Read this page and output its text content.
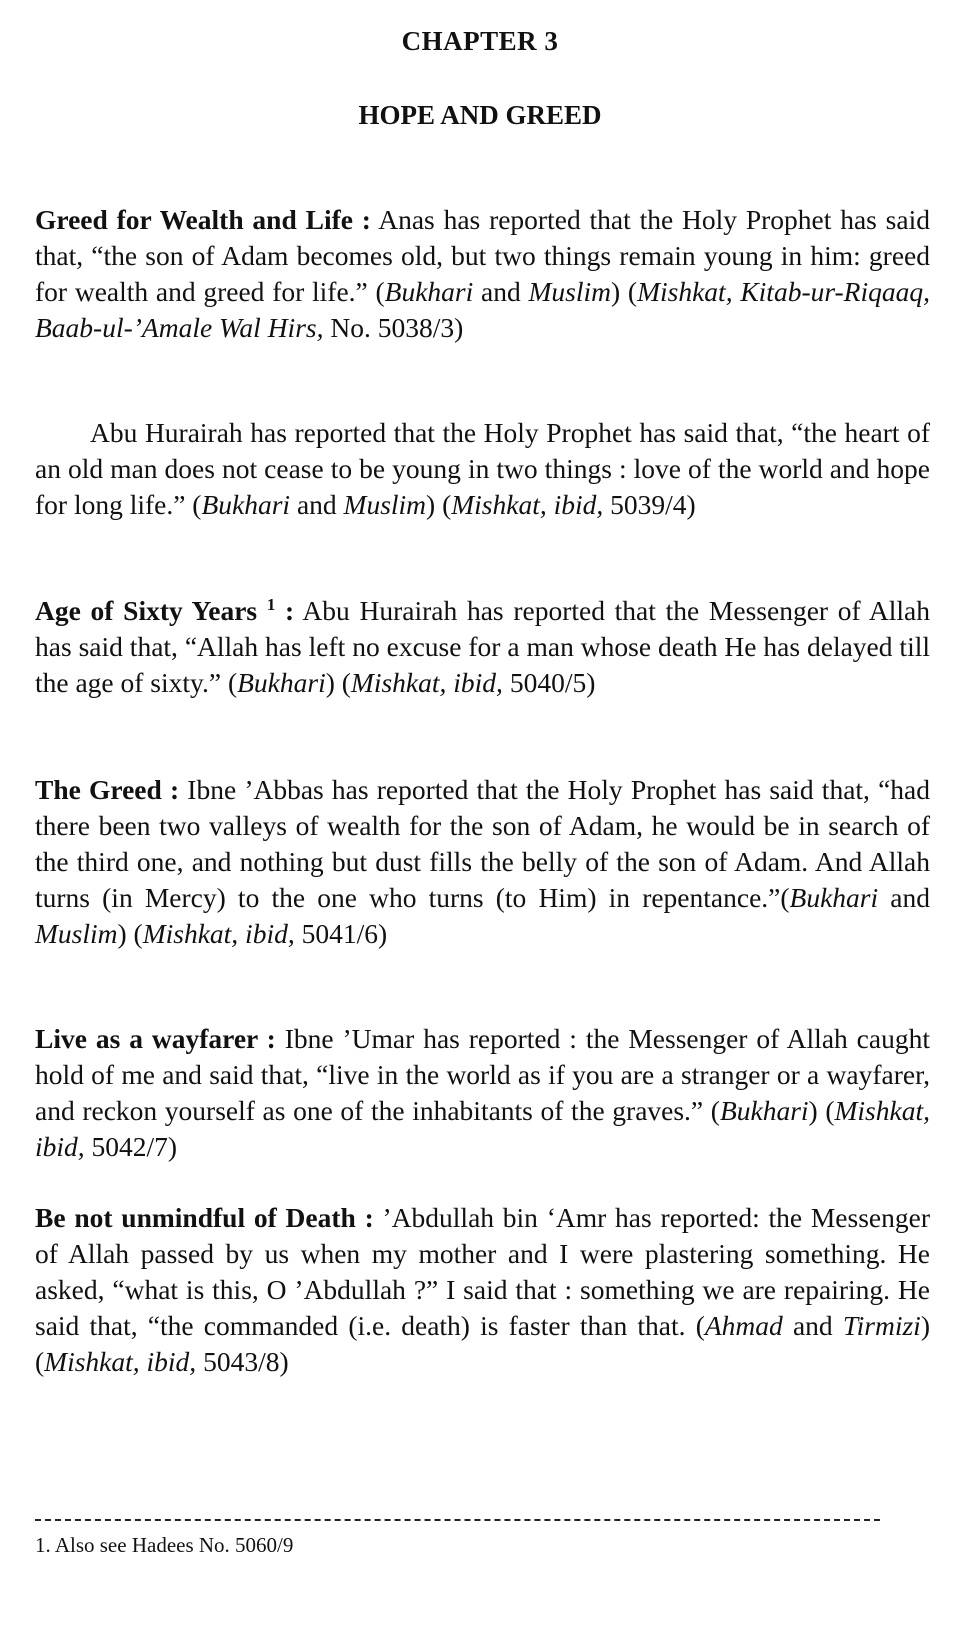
CHAPTER 3
HOPE AND GREED

Greed for Wealth and Life : Anas has reported that the Holy Prophet has said that, “the son of Adam becomes old, but two things remain young in him: greed for wealth and greed for life.” (Bukhari and Muslim) (Mishkat, Kitab-ur-Riqaaq, Baab-ul-’Amale Wal Hirs, No. 5038/3)

Abu Hurairah has reported that the Holy Prophet has said that, “the heart of an old man does not cease to be young in two things : love of the world and hope for long life.” (Bukhari and Muslim) (Mishkat, ibid, 5039/4)

Age of Sixty Years $^1$ : Abu Hurairah has reported that the Messenger of Allah has said that, “Allah has left no excuse for a man whose death He has delayed till the age of sixty.” (Bukhari) (Mishkat, ibid, 5040/5)

The Greed : Ibne ’Abbas has reported that the Holy Prophet has said that, “had there been two valleys of wealth for the son of Adam, he would be in search of the third one, and nothing but dust fills the belly of the son of Adam. And Allah turns (in Mercy) to the one who turns (to Him) in repentance.”(Bukhari and Muslim) (Mishkat, ibid, 5041/6)

Live as a wayfarer : Ibne ’Umar has reported : the Messenger of Allah caught hold of me and said that, “live in the world as if you are a stranger or a wayfarer, and reckon yourself as one of the inhabitants of the graves.” (Bukhari) (Mishkat, ibid, 5042/7)

Be not unmindful of Death : ’Abdullah bin ‘Amr has reported: the Messenger of Allah passed by us when my mother and I were plastering something. He asked, “what is this, O ’Abdullah ?” I said that : something we are repairing. He said that, “the commanded (i.e. death) is faster than that. (Ahmad and Tirmizi) (Mishkat, ibid, 5043/8)

1. Also see Hadees No. 5060/9
